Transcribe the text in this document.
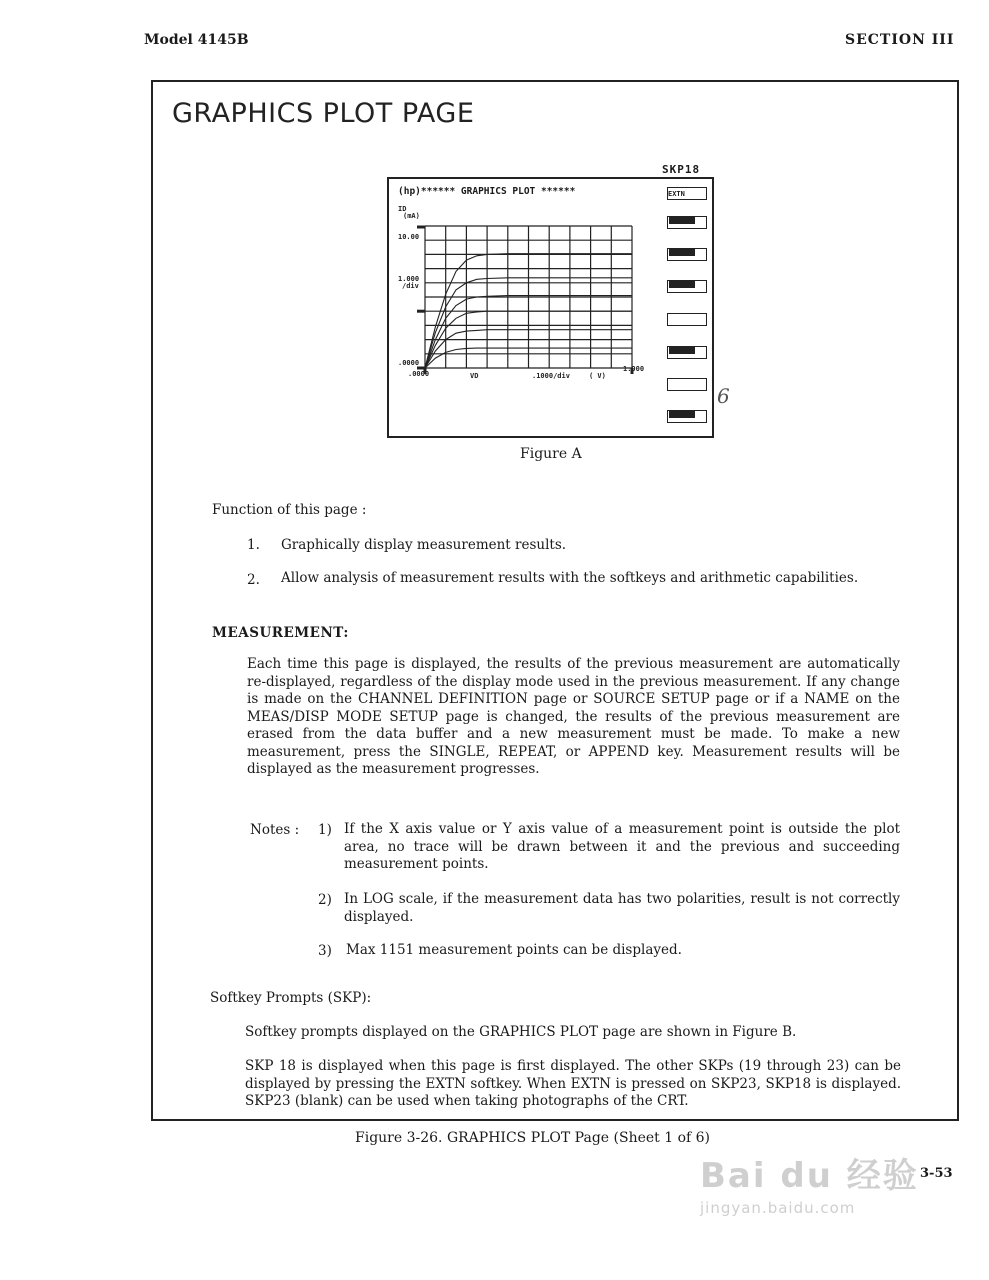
Model 4145B	SECTION III
GRAPHICS PLOT PAGE
SKP18
(hp)****** GRAPHICS PLOT ******	EXTN
6
ID
(mA)
10.00
1.000
/div
.0000
.0000	VD	.1000/div	( V)
1.000
Figure A
Function of this page :
1. Graphically display measurement results.
2. Allow analysis of measurement results with the softkeys and arithmetic capabilities.
MEASUREMENT:
Each time this page is displayed, the results of the previous measurement are automatically re-displayed, regardless of the display mode used in the previous measurement. If any change is made on the CHANNEL DEFINITION page or SOURCE SETUP page or if a NAME on the MEAS/DISP MODE SETUP page is changed, the results of the previous measurement are erased from the data buffer and a new measurement must be made. To make a new measurement, press the SINGLE, REPEAT, or APPEND key. Measurement results will be displayed as the measurement progresses.
Notes : 1) If the X axis value or Y axis value of a measurement point is outside the plot area, no trace will be drawn between it and the previous and succeeding measurement points.
2) In LOG scale, if the measurement data has two polarities, result is not correctly displayed.
3) Max 1151 measurement points can be displayed.
Softkey Prompts (SKP):
Softkey prompts displayed on the GRAPHICS PLOT page are shown in Figure B.
SKP 18 is displayed when this page is first displayed. The other SKPs (19 through 23) can be displayed by pressing the EXTN softkey. When EXTN is pressed on SKP23, SKP18 is displayed. SKP23 (blank) can be used when taking photographs of the CRT.
Figure 3-26. GRAPHICS PLOT Page (Sheet 1 of 6)
Bai du 经验
jingyan.baidu.com
3-53
